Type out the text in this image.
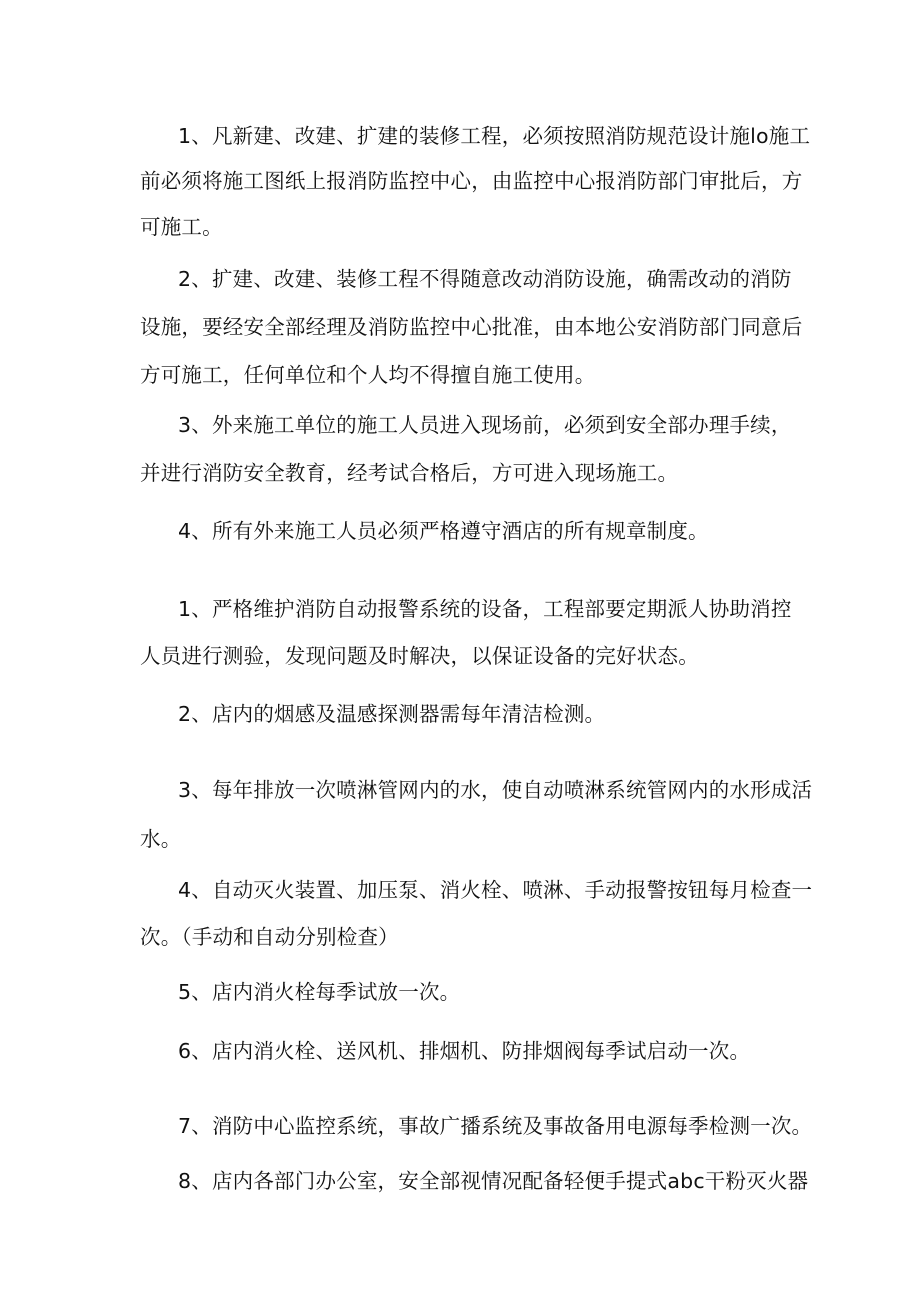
1、凡新建、改建、扩建的装修工程，必须按照消防规范设计施lo施工
前必须将施工图纸上报消防监控中心，由监控中心报消防部门审批后，方
可施工。
2、扩建、改建、装修工程不得随意改动消防设施，确需改动的消防
设施，要经安全部经理及消防监控中心批准，由本地公安消防部门同意后
方可施工，任何单位和个人均不得擅自施工使用。
3、外来施工单位的施工人员进入现场前，必须到安全部办理手续，
并进行消防安全教育，经考试合格后，方可进入现场施工。
4、所有外来施工人员必须严格遵守酒店的所有规章制度。
1、严格维护消防自动报警系统的设备，工程部要定期派人协助消控
人员进行测验，发现问题及时解决，以保证设备的完好状态。
2、店内的烟感及温感探测器需每年清洁检测。
3、每年排放一次喷淋管网内的水，使自动喷淋系统管网内的水形成活
水。
4、自动灭火装置、加压泵、消火栓、喷淋、手动报警按钮每月检查一
次。（手动和自动分别检查）
5、店内消火栓每季试放一次。
6、店内消火栓、送风机、排烟机、防排烟阀每季试启动一次。
7、消防中心监控系统，事故广播系统及事故备用电源每季检测一次。
8、店内各部门办公室，安全部视情况配备轻便手提式abc干粉灭火器
